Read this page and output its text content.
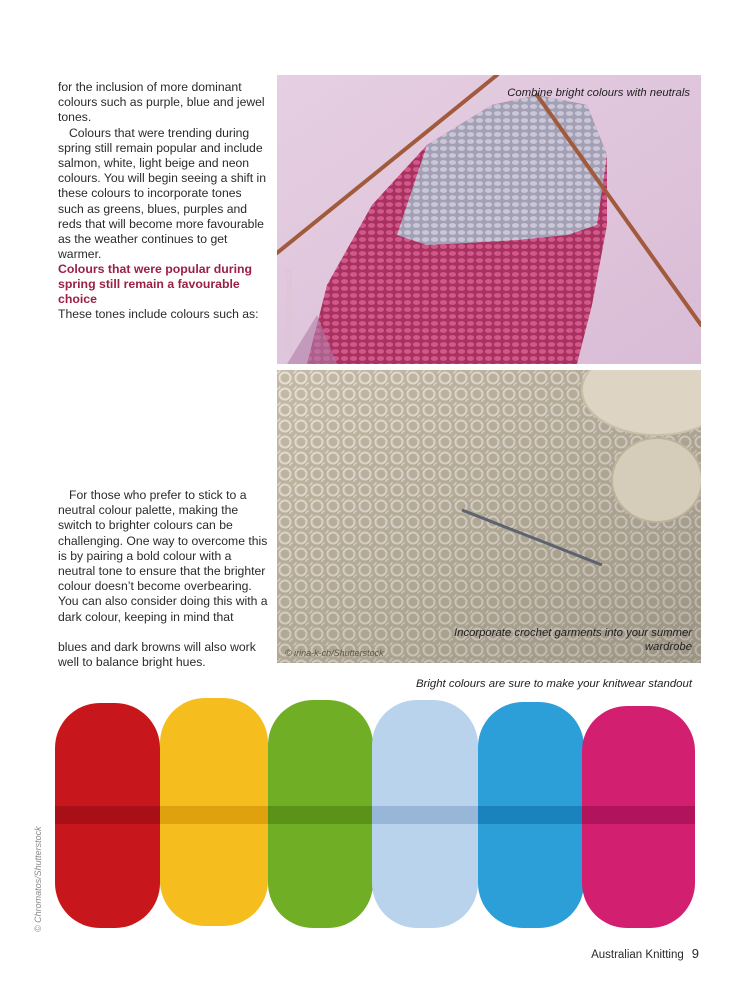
for the inclusion of more dominant colours such as purple, blue and jewel tones.

Colours that were trending during spring still remain popular and include salmon, white, light beige and neon colours. You will begin seeing a shift in these colours to incorporate tones such as greens, blues, purples and reds that will become more favourable as the weather continues to get warmer.

Colours that were popular during spring still remain a favourable choice
These tones include colours such as:

For those who prefer to stick to a neutral colour palette, making the switch to brighter colours can be challenging. One way to overcome this is by pairing a bold colour with a neutral tone to ensure that the brighter colour doesn’t become overbearing. You can also consider doing this with a dark colour, keeping in mind that

blues and dark browns will also work well to balance bright hues.

Combine bright colours with neutrals
© Melica/Shutterstock
Incorporate crochet garments into your summer wardrobe
© irina-k-ch/Shutterstock
Bright colours are sure to make your knitwear standout
© Chromatos/Shutterstock
Australian Knitting 9
